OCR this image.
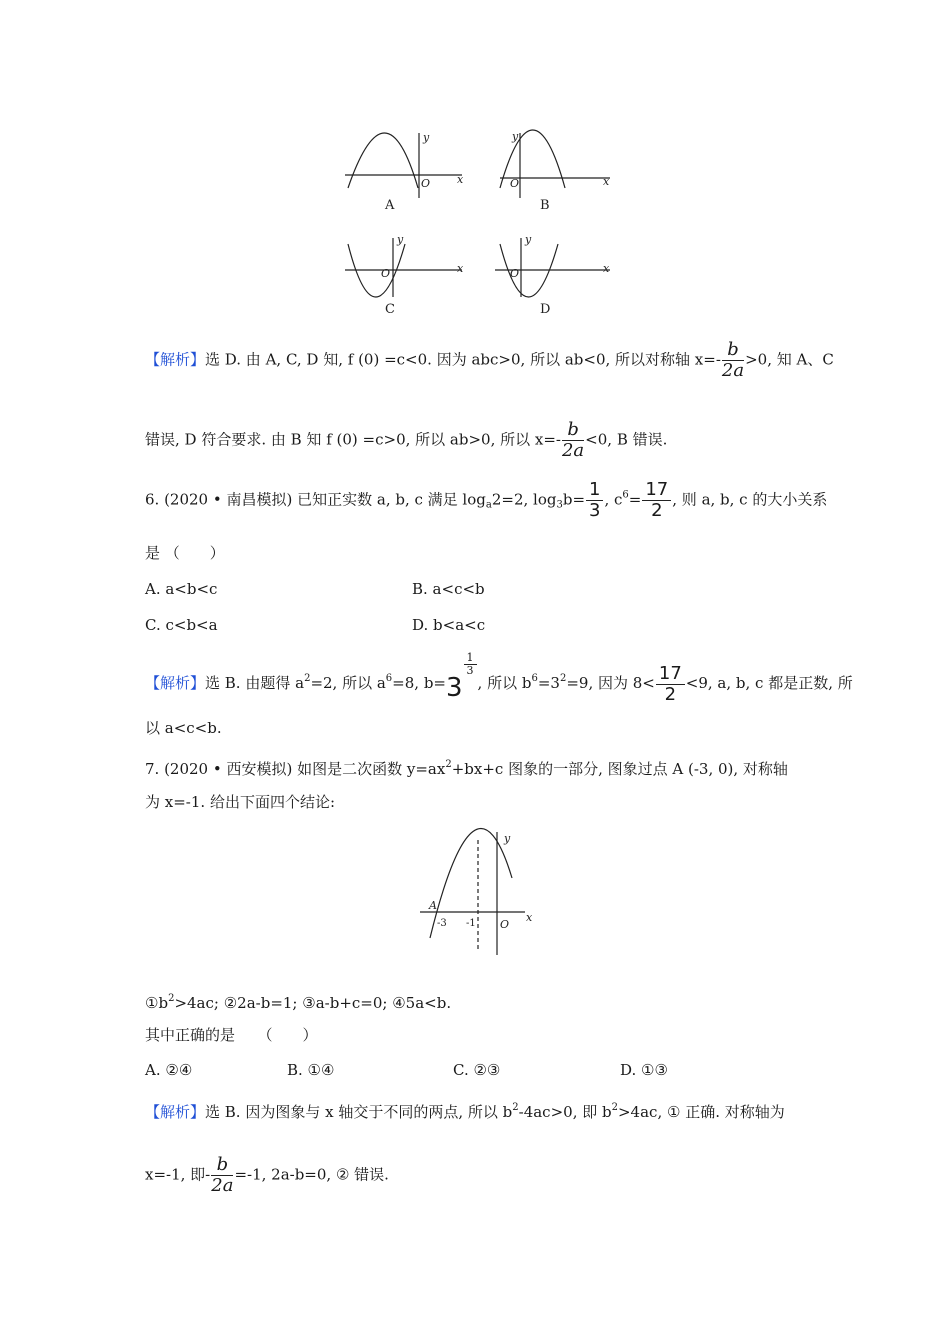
y
x
O
y
x
O
y
x
O
y
x
O
A	B
C	D
【解析】选 D. 由 A, C, D 知, f (0) =c<0. 因为 abc>0, 所以 ab<0, 所以对称轴 $x=- \frac{b}{2a} >0$, 知 A、C
错误, D 符合要求. 由 B 知 f (0) =c>0, 所以 ab>0, 所以 $x=- \frac{b}{2a} <0$, B 错误.
6. (2020 • 南昌模拟) 已知正实数 a, b, c 满足 $\log_a2=2$, $\log_3b= \frac{1}{3}$ , $c^6= \frac{17}{2}$ , 则 a, b, c 的大小关系
是 （　　）
A. a<b<c	B. a<c<b
C. c<b<a	D. b<a<c
【解析】选 B. 由题得 $a^2=2$, 所以 $a^6=8$, b=3
$\frac{1}{3}$
, 所以 $b^6=3^2=9$, 因为 $8< \frac{17}{2} <9$, a, b, c 都是正数, 所
以 a<c<b.
7. (2020 • 西安模拟) 如图是二次函数 $y=ax^2+bx+c$ 图象的一部分, 图象过点 A (-3, 0), 对称轴
为 x=-1. 给出下面四个结论:
A
O
y
x
-3 -1
$①b^2>4ac$; ②2a-b=1; ③a-b+c=0; ④5a<b.
其中正确的是　　（　　）
A. ②④	B. ①④	C. ②③	D. ①③
【解析】选 B. 因为图象与 x 轴交于不同的两点, 所以 $b^2-4ac>0$, 即 $b^2>4ac$, ① 正确. 对称轴为
x=-1, 即- $\frac{b}{2a} =-1$, 2a-b=0, ② 错误.
